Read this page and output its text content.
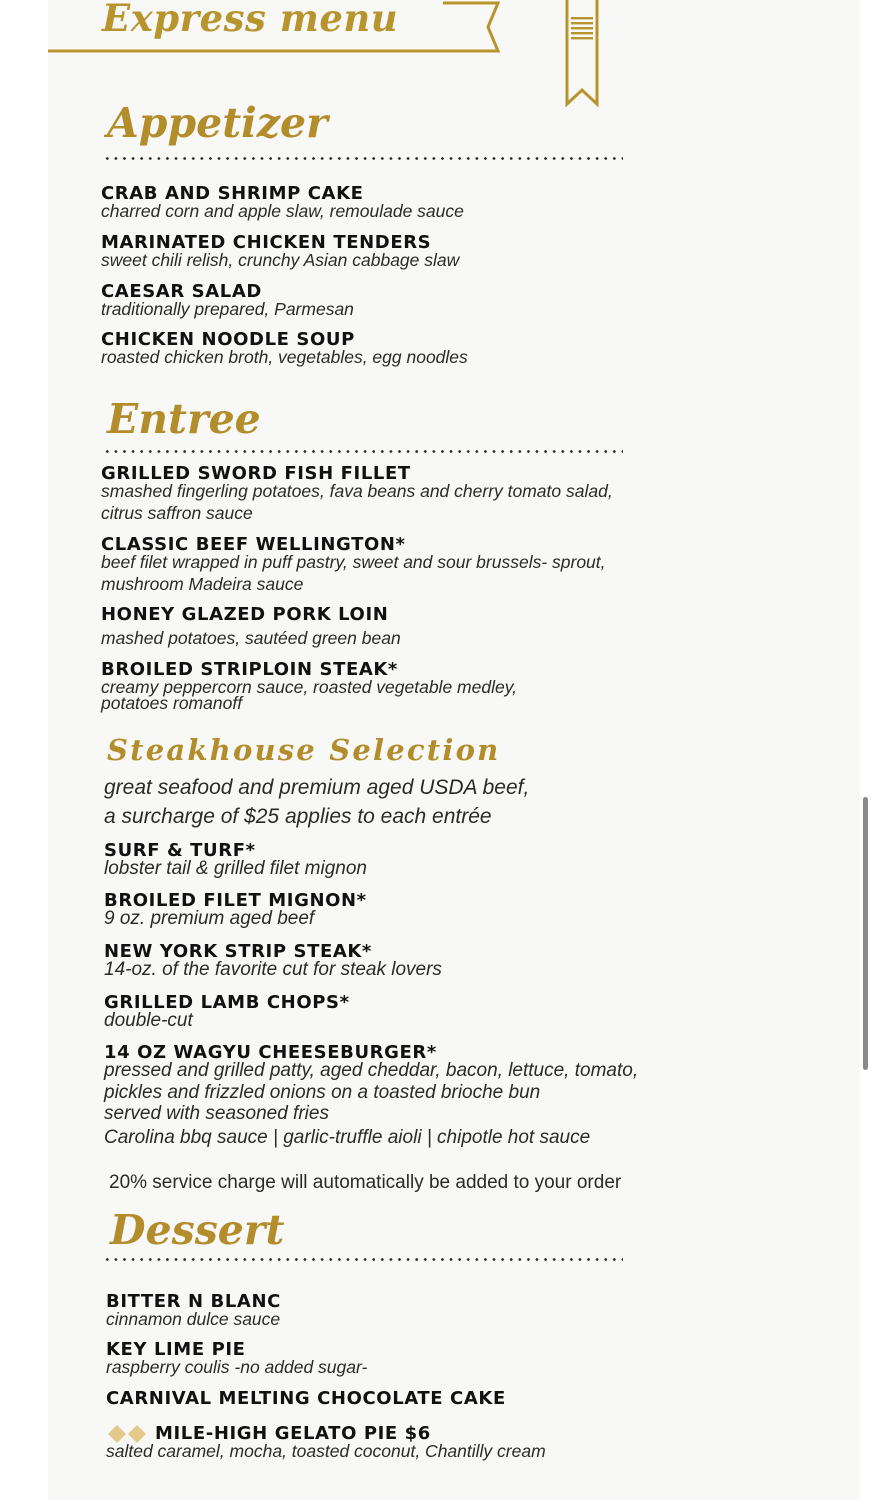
Express menu
Appetizer
CRAB AND SHRIMP CAKE
charred corn and apple slaw, remoulade sauce
MARINATED CHICKEN TENDERS
sweet chili relish, crunchy Asian cabbage slaw
CAESAR SALAD
traditionally prepared, Parmesan
CHICKEN NOODLE SOUP
roasted chicken broth, vegetables, egg noodles
Entree
GRILLED SWORD FISH FILLET
smashed fingerling potatoes, fava beans and cherry tomato salad,
citrus saffron sauce
CLASSIC BEEF WELLINGTON*
beef filet wrapped in puff pastry, sweet and sour brussels- sprout,
mushroom Madeira sauce
HONEY GLAZED PORK LOIN
mashed potatoes, sautéed green bean
BROILED STRIPLOIN STEAK*
creamy peppercorn sauce, roasted vegetable medley,
potatoes romanoff
Steakhouse Selection
great seafood and premium aged USDA beef,
a surcharge of $25 applies to each entrée
SURF & TURF*
lobster tail & grilled filet mignon
BROILED FILET MIGNON*
9 oz. premium aged beef
NEW YORK STRIP STEAK*
14-oz. of the favorite cut for steak lovers
GRILLED LAMB CHOPS*
double-cut
14 OZ WAGYU CHEESEBURGER*
pressed and grilled patty, aged cheddar, bacon, lettuce, tomato,
pickles and frizzled onions on a toasted brioche bun
served with seasoned fries
Carolina bbq sauce | garlic-truffle aioli | chipotle hot sauce
20% service charge will automatically be added to your order
Dessert
BITTER N BLANC
cinnamon dulce sauce
KEY LIME PIE
raspberry coulis -no added sugar-
CARNIVAL MELTING CHOCOLATE CAKE
MILE-HIGH GELATO PIE $6
salted caramel, mocha, toasted coconut, Chantilly cream
